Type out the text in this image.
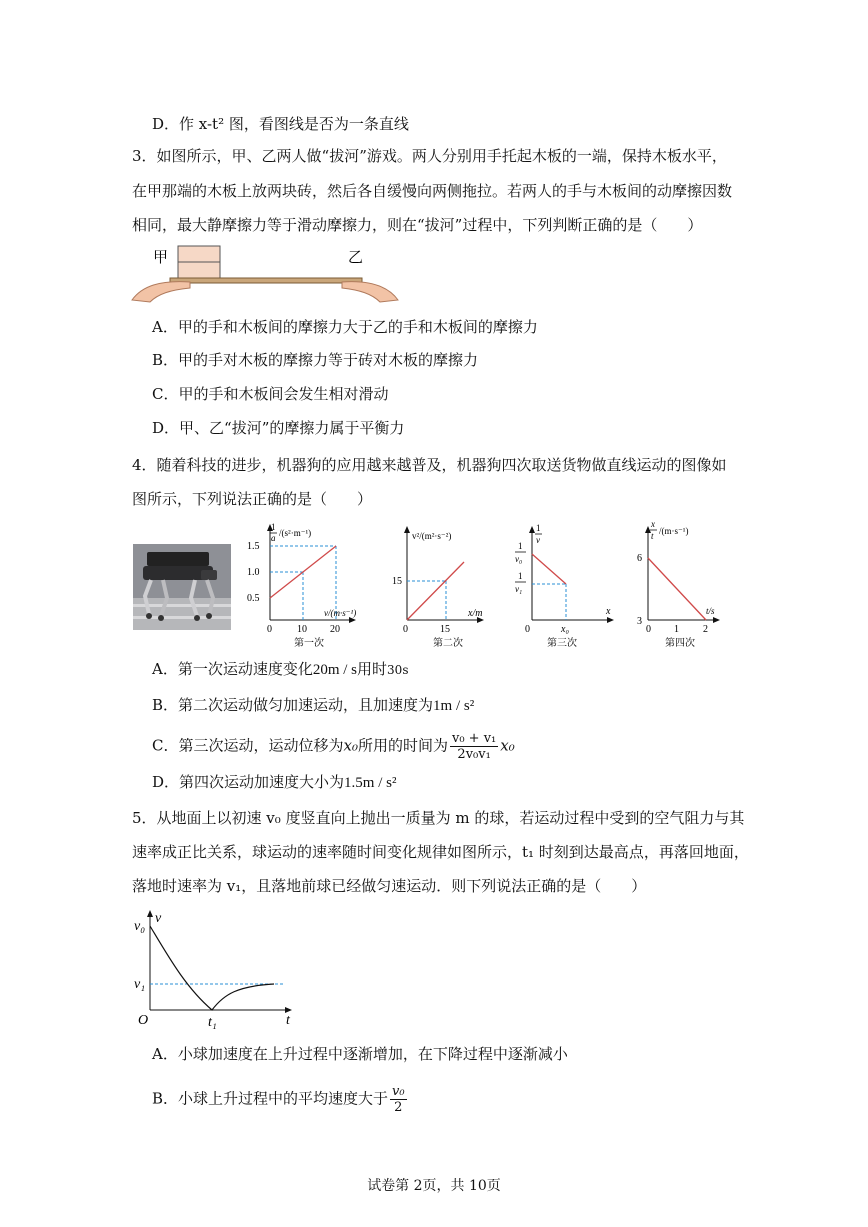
D．作 x-t² 图，看图线是否为一条直线
3．如图所示，甲、乙两人做“拔河”游戏。两人分别用手托起木板的一端，保持木板水平，
在甲那端的木板上放两块砖，然后各自缓慢向两侧拖拉。若两人的手与木板间的动摩擦因数
相同，最大静摩擦力等于滑动摩擦力，则在“拔河”过程中，下列判断正确的是（　　）
甲	乙
A．甲的手和木板间的摩擦力大于乙的手和木板间的摩擦力
B．甲的手对木板的摩擦力等于砖对木板的摩擦力
C．甲的手和木板间会发生相对滑动
D．甲、乙“拔河”的摩擦力属于平衡力
4．随着科技的进步，机器狗的应用越来越普及，机器狗四次取送货物做直线运动的图像如
图所示，下列说法正确的是（　　）
1
a /(s²·m⁻¹)
1.5
1.0
0.5
v/(m·s⁻¹)
0	10 20
第一次
v²/(m²·s⁻²)
15
x/m
0	15
第二次
1
v
1
v₀
1
v₁
x
0	x₀
第三次
x
t /(m·s⁻¹)
6
3
t/s
0 1 2
第四次
A．第一次运动速度变化20m / s用时30s
B．第二次运动做匀加速运动，且加速度为1m / s²
C．第三次运动，运动位移为x₀所用的时间为 $\frac{\text{v₀ + v₁}}{\text{2v₀v₁}} x_0$
D．第四次运动加速度大小为1.5m / s²
5．从地面上以初速 v₀ 度竖直向上抛出一质量为 m 的球，若运动过程中受到的空气阻力与其
速率成正比关系，球运动的速率随时间变化规律如图所示，t₁ 时刻到达最高点，再落回地面，
落地时速率为 v₁，且落地前球已经做匀速运动．则下列说法正确的是（　　）
v₀
v
v₁
O	t₁	t
A．小球加速度在上升过程中逐渐增加，在下降过程中逐渐减小
B．小球上升过程中的平均速度大于 $\frac{\text{v₀}}{2}$
试卷第 2页，共 10页
